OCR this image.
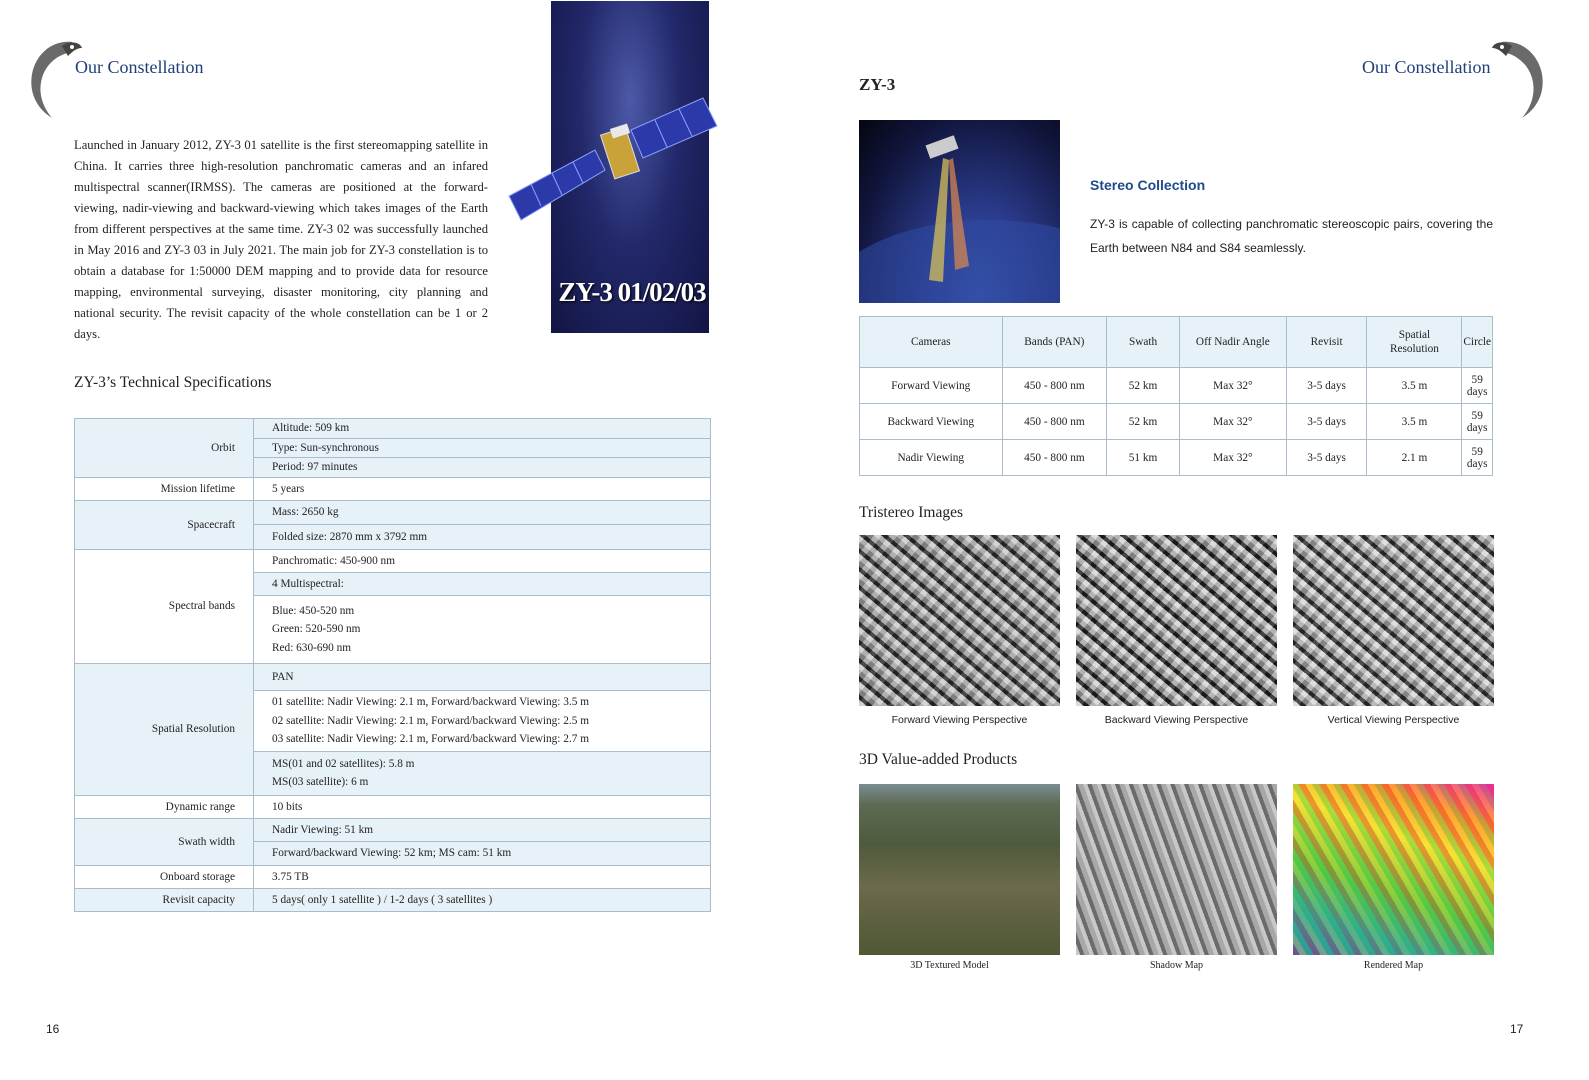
Our Constellation
Launched in January 2012, ZY-3 01 satellite is the first stereomapping satellite in China. It carries three high-resolution panchromatic cameras and an infared multispectral scanner(IRMSS). The cameras are positioned at the forward-viewing, nadir-viewing and backward-viewing which takes images of the Earth from different perspectives at the same time. ZY-3 02 was successfully launched in May 2016 and ZY-3 03 in July 2021. The main job for ZY-3 constellation is to obtain a database for 1:50000 DEM mapping and to provide data for resource mapping, environmental surveying, disaster monitoring, city planning and national security. The revisit capacity of the whole constellation can be 1 or 2 days.
ZY-3 01/02/03
ZY-3’s Technical Specifications
Orbit	Altitude: 509 km
	Type: Sun-synchronous
	Period: 97 minutes
Mission lifetime	5 years
Spacecraft	Mass: 2650 kg
	Folded size: 2870 mm x 3792 mm
Spectral bands	Panchromatic: 450-900 nm
	4 Multispectral:

	Blue: 450-520 nm
Green: 520-590 nm
Red: 630-690 nm

Spatial Resolution	PAN

	01 satellite: Nadir Viewing: 2.1 m, Forward/backward Viewing: 3.5 m
02 satellite: Nadir Viewing: 2.1 m, Forward/backward Viewing: 2.5 m
03 satellite: Nadir Viewing: 2.1 m, Forward/backward Viewing: 2.7 m

	MS(01 and 02 satellites): 5.8 m
MS(03 satellite): 6 m

Dynamic range	10 bits
Swath width	Nadir Viewing: 51 km
	Forward/backward Viewing: 52 km; MS cam: 51 km
Onboard storage	3.75 TB
Revisit capacity	5 days( only 1 satellite ) / 1-2 days ( 3 satellites )
16
Our Constellation
ZY-3
Stereo Collection
ZY-3 is capable of collecting panchromatic stereoscopic pairs, covering the Earth between N84 and S84 seamlessly.
Cameras	Bands (PAN)	Swath	Off Nadir Angle	Revisit	Spatial Resolution	Circle
Forward Viewing	450 - 800 nm	52 km	Max 32°	3-5 days	3.5 m	59 days
Backward Viewing	450 - 800 nm	52 km	Max 32°	3-5 days	3.5 m	59 days
Nadir Viewing	450 - 800 nm	51 km	Max 32°	3-5 days	2.1 m	59 days
Tristereo Images
Forward Viewing Perspective	Backward Viewing Perspective	Vertical Viewing Perspective
3D Value-added Products
3D Textured Model	Shadow Map	Rendered Map
17
